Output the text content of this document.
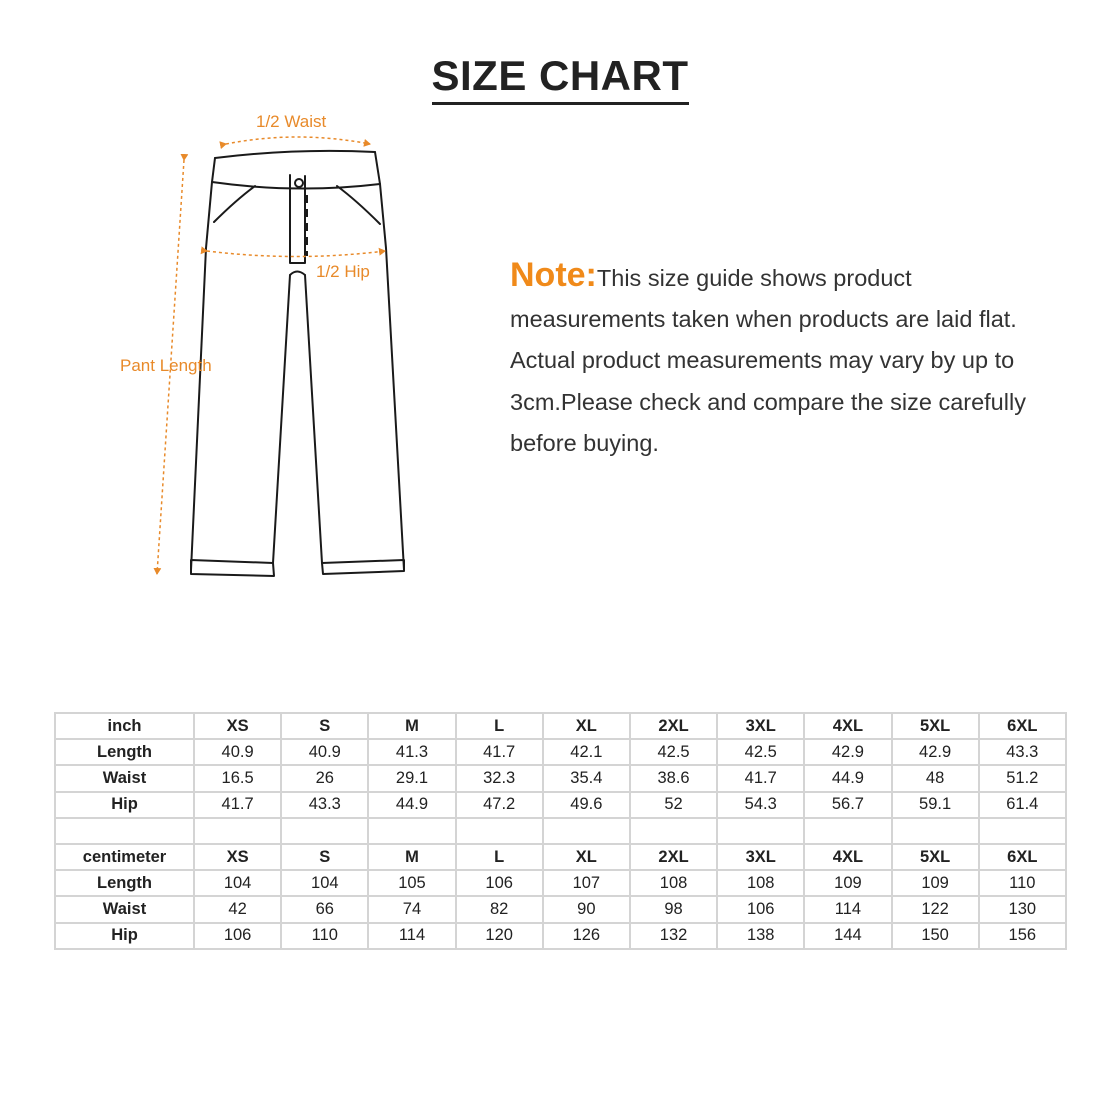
SIZE CHART
1/2 Waist
1/2 Hip
Pant Length
Note:This size guide shows product measurements taken when products are laid flat. Actual product measurements may vary by up to 3cm.Please check and compare the size carefully before buying.
inch	XS	S	M	L	XL	2XL	3XL	4XL	5XL	6XL
Length	40.9	40.9	41.3	41.7	42.1	42.5	42.5	42.9	42.9	43.3
Waist	16.5	26	29.1	32.3	35.4	38.6	41.7	44.9	48	51.2
Hip	41.7	43.3	44.9	47.2	49.6	52	54.3	56.7	59.1	61.4

centimeter	XS	S	M	L	XL	2XL	3XL	4XL	5XL	6XL
Length	104	104	105	106	107	108	108	109	109	110
Waist	42	66	74	82	90	98	106	114	122	130
Hip	106	110	114	120	126	132	138	144	150	156
